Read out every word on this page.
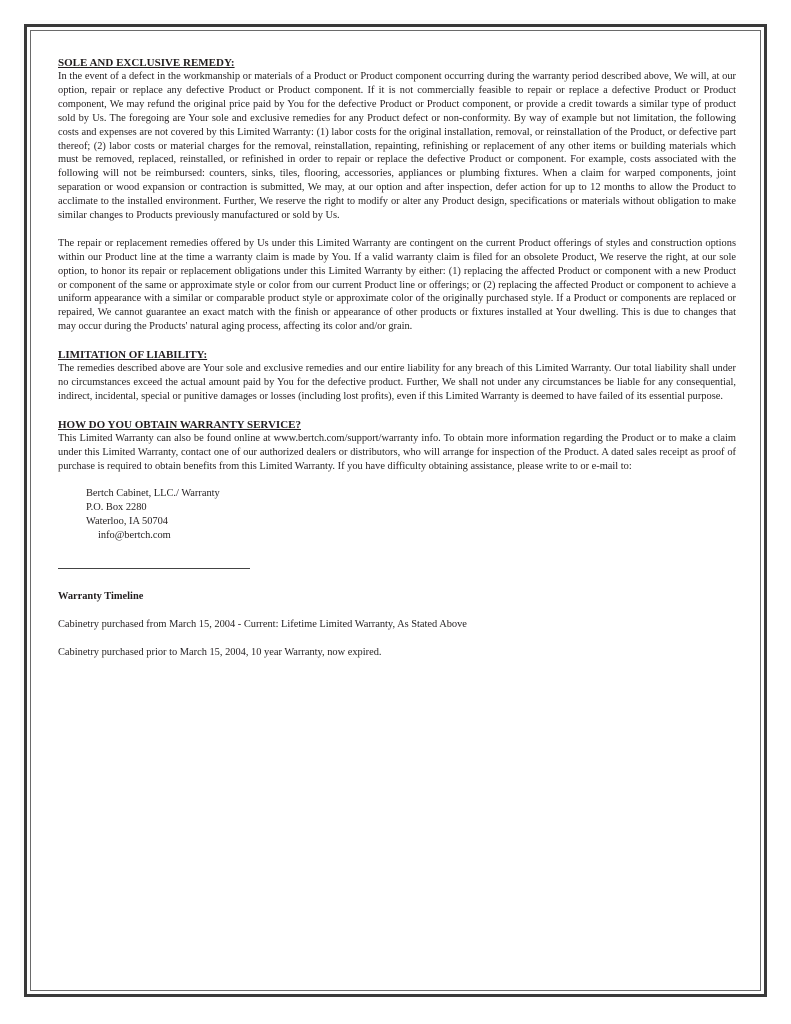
SOLE AND EXCLUSIVE REMEDY:

In the event of a defect in the workmanship or materials of a Product or Product component occurring during the warranty period described above, We will, at our option, repair or replace any defective Product or Product component. If it is not commercially feasible to repair or replace a defective Product or Product component, We may refund the original price paid by You for the defective Product or Product component, or provide a credit towards a similar type of product sold by Us. The foregoing are Your sole and exclusive remedies for any Product defect or non-conformity. By way of example but not limitation, the following costs and expenses are not covered by this Limited Warranty: (1) labor costs for the original installation, removal, or reinstallation of the Product, or defective part thereof; (2) labor costs or material charges for the removal, reinstallation, repainting, refinishing or replacement of any other items or building materials which must be removed, replaced, reinstalled, or refinished in order to repair or replace the defective Product or component. For example, costs associated with the following will not be reimbursed: counters, sinks, tiles, flooring, accessories, appliances or plumbing fixtures. When a claim for warped components, joint separation or wood expansion or contraction is submitted, We may, at our option and after inspection, defer action for up to 12 months to allow the Product to acclimate to the installed environment. Further, We reserve the right to modify or alter any Product design, specifications or materials without obligation to make similar changes to Products previously manufactured or sold by Us.

The repair or replacement remedies offered by Us under this Limited Warranty are contingent on the current Product offerings of styles and construction options within our Product line at the time a warranty claim is made by You. If a valid warranty claim is filed for an obsolete Product, We reserve the right, at our sole option, to honor its repair or replacement obligations under this Limited Warranty by either: (1) replacing the affected Product or component with a new Product or component of the same or approximate style or color from our current Product line or offerings; or (2) replacing the affected Product or component to achieve a uniform appearance with a similar or comparable product style or approximate color of the originally purchased style. If a Product or components are replaced or repaired, We cannot guarantee an exact match with the finish or appearance of other products or fixtures installed at Your dwelling. This is due to changes that may occur during the Products' natural aging process, affecting its color and/or grain.

LIMITATION OF LIABILITY:

The remedies described above are Your sole and exclusive remedies and our entire liability for any breach of this Limited Warranty. Our total liability shall under no circumstances exceed the actual amount paid by You for the defective product. Further, We shall not under any circumstances be liable for any consequential, indirect, incidental, special or punitive damages or losses (including lost profits), even if this Limited Warranty is deemed to have failed of its essential purpose.

HOW DO YOU OBTAIN WARRANTY SERVICE?

This Limited Warranty can also be found online at www.bertch.com/support/warranty info. To obtain more information regarding the Product or to make a claim under this Limited Warranty, contact one of our authorized dealers or distributors, who will arrange for inspection of the Product. A dated sales receipt as proof of purchase is required to obtain benefits from this Limited Warranty. If you have difficulty obtaining assistance, please write to or e-mail to:

Bertch Cabinet, LLC./ Warranty
P.O. Box 2280
Waterloo, IA 50704
info@bertch.com
Warranty Timeline
Cabinetry purchased from March 15, 2004 - Current: Lifetime Limited Warranty, As Stated Above
Cabinetry purchased prior to March 15, 2004, 10 year Warranty, now expired.
